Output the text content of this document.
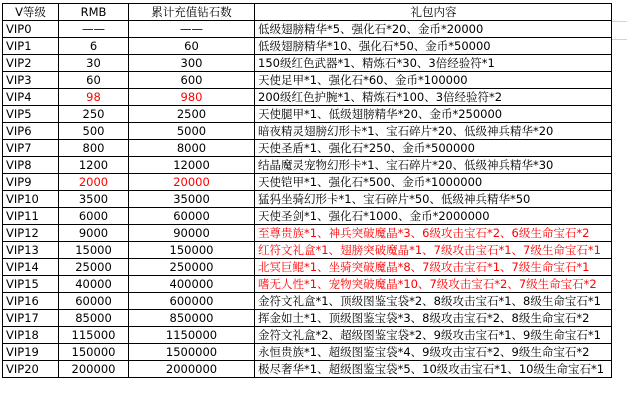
V等级	RMB	累计充值钻石数	礼包内容
VIP0	——	——	低级翅膀精华*5、强化石*20、金币*20000
VIP1	6	60	低级翅膀精华*10、强化石*50、金币*50000
VIP2	30	300	150级红色武器*1、精炼石*30、3倍经验符*1
VIP3	60	600	天使足甲*1、强化石*60、金币*100000
VIP4	98	980	200级红色护腕*1、精炼石*100、3倍经验符*2
VIP5	250	2500	天使腿甲*1、低级翅膀精华*20、金币*250000
VIP6	500	5000	暗夜精灵翅膀幻形卡*1、宝石碎片*20、低级神兵精华*20
VIP7	800	8000	天使圣盾*1、强化石*250、金币*500000
VIP8	1200	12000	结晶魔灵宠物幻形卡*1、宝石碎片*20、低级神兵精华*30
VIP9	2000	20000	天使铠甲*1、强化石*500、金币*1000000
VIP10	3500	35000	猛犸坐骑幻形卡*1、宝石碎片*50、低级神兵精华*50
VIP11	6000	60000	天使圣剑*1、强化石*1000、金币*2000000
VIP12	9000	90000	至尊贵族*1、神兵突破魔晶*3、6级攻击宝石*2、6级生命宝石*2
VIP13	15000	150000	红符文礼盒*1、翅膀突破魔晶*1、7级攻击宝石*1、7级生命宝石*1
VIP14	25000	250000	北冥巨鲲*1、坐骑突破魔晶*8、7级攻击宝石*1、7级生命宝石*1
VIP15	40000	400000	嗜无人性*1、宠物突破魔晶*10、7级攻击宝石*2、7级生命宝石*2
VIP16	60000	600000	金符文礼盒*1、顶级图鉴宝袋*2、8级攻击宝石*1、8级生命宝石*1
VIP17	85000	850000	挥金如土*1、顶级图鉴宝袋*3、8级攻击宝石*2、8级生命宝石*2
VIP18	115000	1150000	金符文礼盒*2、超级图鉴宝袋*2、9级攻击宝石*1、9级生命宝石*1
VIP19	150000	1500000	永恒贵族*1、超级图鉴宝袋*4、9级攻击宝石*2、9级生命宝石*2
VIP20	200000	2000000	极尽奢华*1、超级图鉴宝袋*5、10级攻击宝石*1、10级生命宝石*1
